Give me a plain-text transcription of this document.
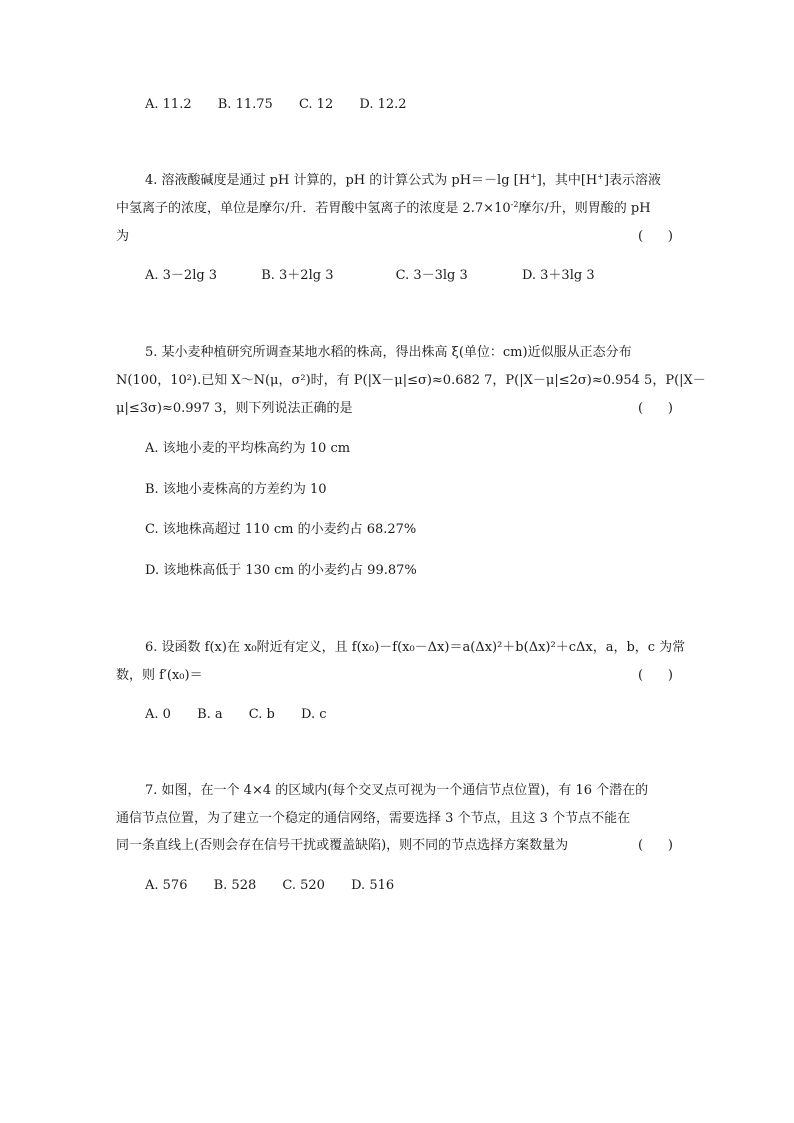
A. 11.2 B. 11.75 C. 12 D. 12.2
4. 溶液酸碱度是通过 pH 计算的，pH 的计算公式为 pH＝－lg [H+]，其中[H+]表示溶液
中氢离子的浓度，单位是摩尔/升．若胃酸中氢离子的浓度是 $2.7\times 10^{-2}$摩尔/升，则胃酸的 pH
为	(      )
A. 3－2lg 3	B. 3＋2lg 3	C. 3－3lg 3	D. 3＋3lg 3
5. 某小麦种植研究所调查某地水稻的株高，得出株高 ξ(单位：cm)近似服从正态分布
N(100，10²).已知 X～N(μ，σ²)时，有 P(|X－μ|≤σ)≈0.682 7，P(|X－μ|≤2σ)≈0.954 5，P(|X－
μ|≤3σ)≈0.997 3，则下列说法正确的是	(      )
A. 该地小麦的平均株高约为 10 cm
B. 该地小麦株高的方差约为 10
C. 该地株高超过 110 cm 的小麦约占 68.27%
D. 该地株高低于 130 cm 的小麦约占 99.87%
6. 设函数 f(x)在 x₀附近有定义，且 f(x₀)－f(x₀－Δx)＝a(Δx)²＋b(Δx)²＋cΔx，a，b，c 为常
数，则 f′(x₀)＝	(      )
A. 0 B. a C. b D. c
7. 如图，在一个 4×4 的区域内(每个交叉点可视为一个通信节点位置)，有 16 个潜在的
通信节点位置，为了建立一个稳定的通信网络，需要选择 3 个节点，且这 3 个节点不能在
同一条直线上(否则会存在信号干扰或覆盖缺陷)，则不同的节点选择方案数量为	(      )
A. 576 B. 528 C. 520 D. 516
